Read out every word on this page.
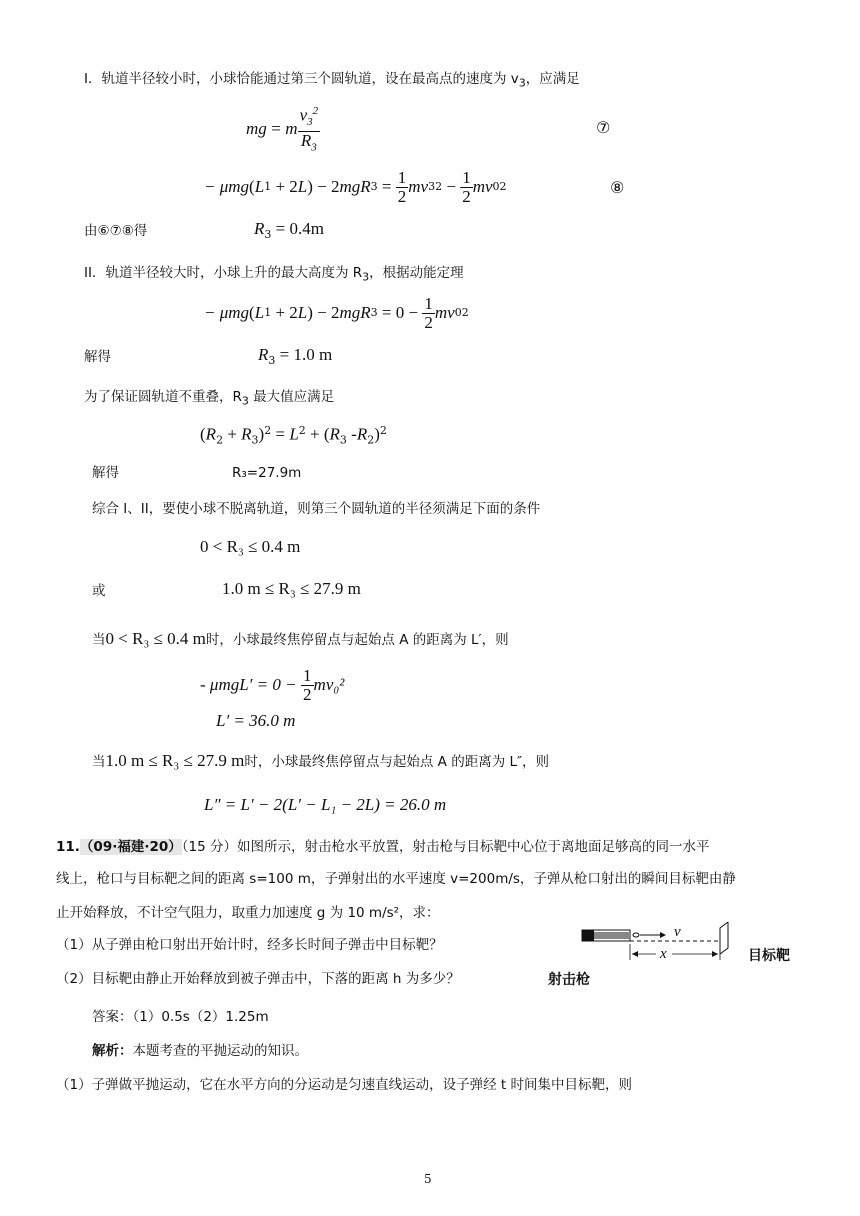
I．轨道半径较小时，小球恰能通过第三个圆轨道，设在最高点的速度为 $v_3$，应满足
mg
=
m $\frac{v_3^2}{R_3}$	⑦
− μmg ( L 1 + 2 L ) − 2 mgR $3 = \frac{1}{2}$ mv 3 $2 - \frac{1}{2}$ mv 0 2	⑧
由⑥⑦⑧得	$R_3 = 0.4m$
II．轨道半径较大时，小球上升的最大高度为 $R_3$，根据动能定理
− μmg ( L 1 + 2 L ) − 2 mgR $3 = 0 - \frac{1}{2}$ mv 0 2
解得	$R_3 = 1.0$ m
为了保证圆轨道不重叠，$R_3$ 最大值应满足
$(R_2 + R_3)^2 = L^2 + (R_3$ $-R_2)^2$
解得	R₃=27.9m
综合 I、II，要使小球不脱离轨道，则第三个圆轨道的半径须满足下面的条件
0 < R₃ ≤ 0.4 m
或	1.0 m ≤ R₃ ≤ 27.9 m
当0 < R₃ ≤ 0.4 m时，小球最终焦停留点与起始点 A 的距离为 L′，则
- μmgL′ = 0 −
$\frac{1}{2} mv_0^2$
L′ = 36.0 m
当1.0 m ≤ R₃ ≤ 27.9 m时，小球最终焦停留点与起始点 A 的距离为 L″，则
L″ = L′ − 2(L′ − L₁ − 2L) = 26.0 m
11.（09·福建·20）（15 分）如图所示，射击枪水平放置，射击枪与目标靶中心位于离地面足够高的同一水平
线上，枪口与目标靶之间的距离 s=100 m，子弹射出的水平速度 v=200m/s，子弹从枪口射出的瞬间目标靶由静
止开始释放，不计空气阻力，取重力加速度 g 为 10 m/s²，求：
（1）从子弹由枪口射出开始计时，经多长时间子弹击中目标靶？
（2）目标靶由静止开始释放到被子弹击中，下落的距离 h 为多少？
v
x	目标靶
射击枪
答案：（1）0.5s（2）1.25m
解析：本题考查的平抛运动的知识。
（1）子弹做平抛运动，它在水平方向的分运动是匀速直线运动，设子弹经 t 时间集中目标靶，则
5
